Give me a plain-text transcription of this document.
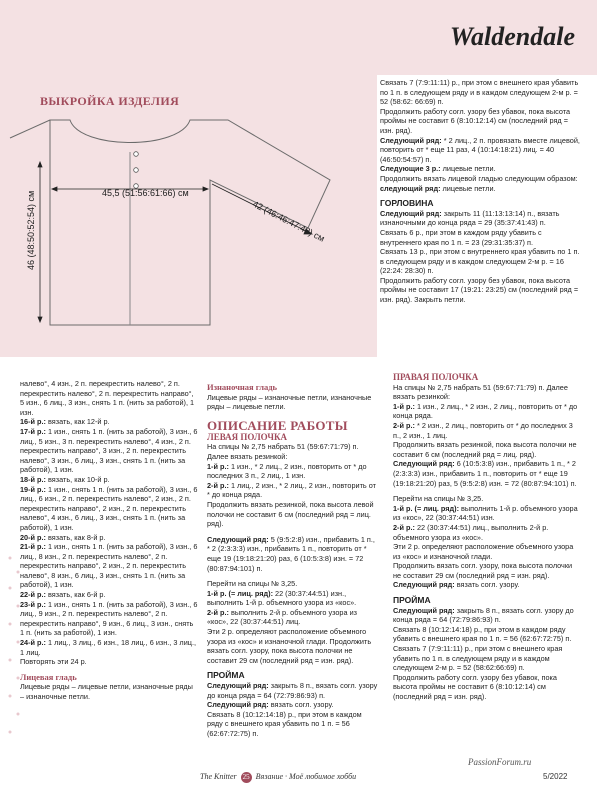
Waldendale
ВЫКРОЙКА ИЗДЕЛИЯ
45,5 (51:56:61:66) см
46 (48:50:52:54) см	42 (46:46:47:48) см

Связать 7 (7:9:11:11) р., при этом с внешнего края убавить по 1 п. в следующем ряду и в каждом следующем 2-м р. = 52 (58:62: 66:69) п.

Продолжить работу согл. узору без убавок, пока высота проймы не составит 6 (8:10:12:14) см (последний ряд = изн. ряд).

Следующий ряд: * 2 лиц., 2 п. провязать вместе лицевой, повторить от * еще 11 раз, 4 (10:14:18:21) лиц. = 40 (46:50:54:57) п.

Следующие 3 р.: лицевые петли.

Продолжить вязать лицевой гладью следующим образом:

следующий ряд: лицевые петли.

ГОРЛОВИНА

Следующий ряд: закрыть 11 (11:13:13:14) п., вязать изнаночными до конца ряда = 29 (35:37:41:43) п.

Связать 6 р., при этом в каждом ряду убавить с внутреннего края по 1 п. = 23 (29:31:35:37) п.

Связать 13 р., при этом с внутреннего края убавить по 1 п. в следующем ряду и в каждом следующем 2-м р. = 16 (22:24: 28:30) п.

Продолжить работу согл. узору без убавок, пока высота проймы не составит 17 (19:21: 23:25) см (последний ряд = изн. ряд). Закрыть петли.

налево°, 4 изн., 2 п. перекрестить налево°, 2 п. перекрестить налево°, 2 п. перекрестить направо°, 5 изн., 6 лиц., 3 изн., снять 1 п. (нить за работой), 1 изн.

16-й р.: вязать, как 12-й р.

17-й р.: 1 изн., снять 1 п. (нить за работой), 3 изн., 6 лиц., 5 изн., 3 п. перекрестить налево°, 4 изн., 2 п. перекрестить направо°, 3 изн., 2 п. перекрестить налево°, 3 изн., 6 лиц., 3 изн., снять 1 п. (нить за работой), 1 изн.

18-й р.: вязать, как 10-й р.

19-й р.: 1 изн., снять 1 п. (нить за работой), 3 изн., 6 лиц., 6 изн., 2 п. перекрестить налево°, 2 изн., 2 п. перекрестить направо°, 2 изн., 2 п. перекрестить налево°, 4 изн., 6 лиц., 3 изн., снять 1 п. (нить за работой), 1 изн.

20-й р.: вязать, как 8-й р.

21-й р.: 1 изн., снять 1 п. (нить за работой), 3 изн., 6 лиц., 8 изн., 2 п. перекрестить налево°, 2 п. перекрестить направо°, 2 изн., 2 п. перекрестить налево°, 8 изн., 6 лиц., 3 изн., снять 1 п. (нить за работой), 1 изн.

22-й р.: вязать, как 6-й р.

23-й р.: 1 изн., снять 1 п. (нить за работой), 3 изн., 6 лиц., 9 изн., 2 п. перекрестить налево°, 2 п. перекрестить направо°, 9 изн., 6 лиц., 3 изн., снять 1 п. (нить за работой), 1 изн.

24-й р.: 1 лиц., 3 лиц., 6 изн., 18 лиц., 6 изн., 3 лиц., 1 лиц.

Повторять эти 24 р.

Лицевая гладь

Лицевые ряды – лицевые петли, изнаночные ряды – изнаночные петли.

Изнаночная гладь

Лицевые ряды – изнаночные петли, изнаночные ряды – лицевые петли.

ОПИСАНИЕ РАБОТЫ

ЛЕВАЯ ПОЛОЧКА

На спицы № 2,75 набрать 51 (59:67:71:79) п. Далее вязать резинкой:

1-й р.: 1 изн., * 2 лиц., 2 изн., повторить от * до последних 3 п., 2 лиц., 1 изн.

2-й р.: 1 лиц., 2 изн., * 2 лиц., 2 изн., повторить от * до конца ряда.

Продолжить вязать резинкой, пока высота левой полочки не составит 6 см (последний ряд = лиц. ряд).

Следующий ряд: 5 (9:5:2:8) изн., прибавить 1 п., * 2 (2:3:3:3) изн., прибавить 1 п., повторить от * еще 19 (19:18:21:20) раз, 6 (10:5:3:8) изн. = 72 (80:87:94:101) п.

Перейти на спицы № 3,25.

1-й р. (= лиц. ряд): 22 (30:37:44:51) изн., выполнить 1-й р. объемного узора из «кос».

2-й р.: выполнить 2-й р. объемного узора из «кос», 22 (30:37:44:51) лиц.

Эти 2 р. определяют расположение объемного узора из «кос» и изнаночной глади. Продолжить вязать согл. узору, пока высота полочки не составит 29 см (последний ряд = изн. ряд).

ПРОЙМА

Следующий ряд: закрыть 8 п., вязать согл. узору до конца ряда = 64 (72:79:86:93) п.

Следующий ряд: вязать согл. узору.

Связать 8 (10:12:14:18) р., при этом в каждом ряду с внешнего края убавить по 1 п. = 56 (62:67:72:75) п.

ПРАВАЯ ПОЛОЧКА

На спицы № 2,75 набрать 51 (59:67:71:79) п. Далее вязать резинкой:

1-й р.: 1 изн., 2 лиц., * 2 изн., 2 лиц., повторить от * до конца ряда.

2-й р.: * 2 изн., 2 лиц., повторить от * до последних 3 п., 2 изн., 1 лиц.

Продолжить вязать резинкой, пока высота полочки не составит 6 см (последний ряд = лиц. ряд).

Следующий ряд: 6 (10:5:3:8) изн., прибавить 1 п., * 2 (2:3:3:3) изн., прибавить 1 п., повторить от * еще 19 (19:18:21:20) раз, 5 (9:5:2:8) изн. = 72 (80:87:94:101) п.

Перейти на спицы № 3,25.

1-й р. (= лиц. ряд): выполнить 1-й р. объемного узора из «кос», 22 (30:37:44:51) изн.

2-й р.: 22 (30:37:44:51) лиц., выполнить 2-й р. объемного узора из «кос».

Эти 2 р. определяют расположение объемного узора из «кос» и изнаночной глади.

Продолжить вязать согл. узору, пока высота полочки не составит 29 см (последний ряд = изн. ряд).

Следующий ряд: вязать согл. узору.

ПРОЙМА

Следующий ряд: закрыть 8 п., вязать согл. узору до конца ряда = 64 (72:79:86:93) п.

Связать 8 (10:12:14:18) р., при этом в каждом ряду убавить с внешнего края по 1 п. = 56 (62:67:72:75) п.

Связать 7 (7:9:11:11) р., при этом с внешнего края убавить по 1 п. в следующем ряду и в каждом следующем 2-м р. = 52 (58:62:66:69) п.

Продолжить работу согл. узору без убавок, пока высота проймы не составит 6 (8:10:12:14) см (последний ряд = изн. ряд).

PassionForum.ru
The Knitter 25 Вязание · Моё любимое хобби	5/2022
